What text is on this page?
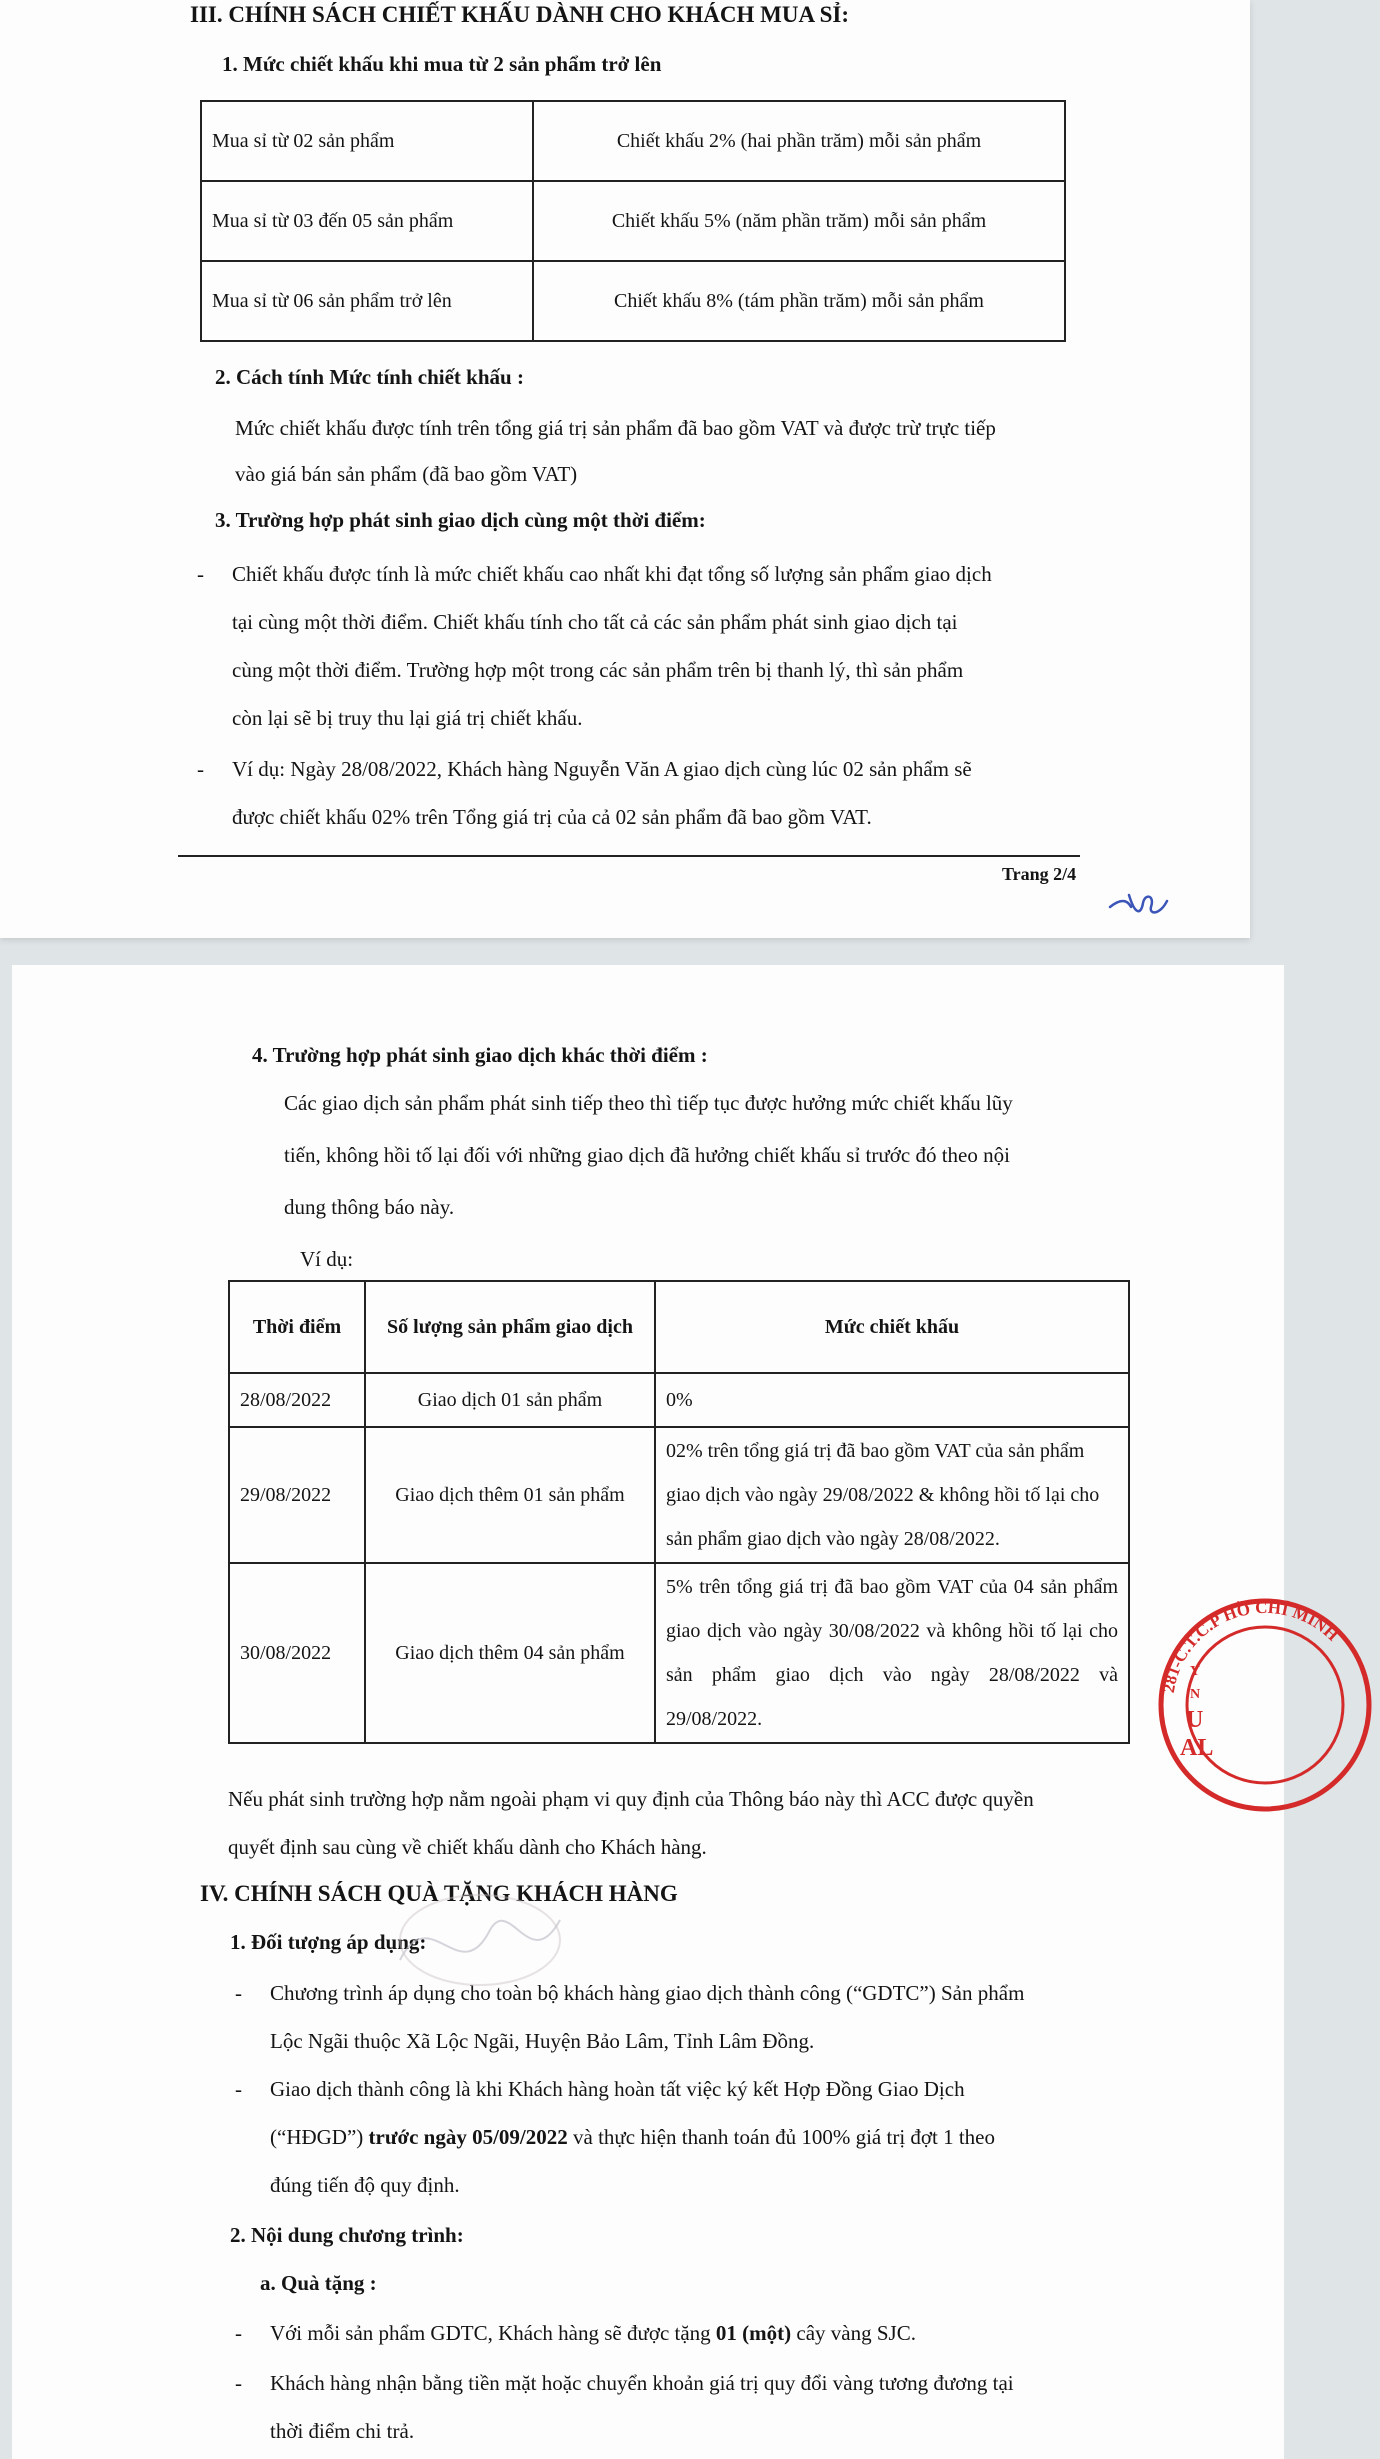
III. CHÍNH SÁCH CHIẾT KHẤU DÀNH CHO KHÁCH MUA SỈ:
1. Mức chiết khấu khi mua từ 2 sản phẩm trở lên
Mua sỉ từ 02 sản phẩm	Chiết khấu 2% (hai phần trăm) mỗi sản phẩm
Mua sỉ từ 03 đến 05 sản phẩm	Chiết khấu 5% (năm phần trăm) mỗi sản phẩm
Mua sỉ từ 06 sản phẩm trở lên	Chiết khấu 8% (tám phần trăm) mỗi sản phẩm
2. Cách tính Mức tính chiết khấu :
Mức chiết khấu được tính trên tổng giá trị sản phẩm đã bao gồm VAT và được trừ trực tiếp
vào giá bán sản phẩm (đã bao gồm VAT)
3. Trường hợp phát sinh giao dịch cùng một thời điểm:
- Chiết khấu được tính là mức chiết khấu cao nhất khi đạt tổng số lượng sản phẩm giao dịch
tại cùng một thời điểm. Chiết khấu tính cho tất cả các sản phẩm phát sinh giao dịch tại
cùng một thời điểm. Trường hợp một trong các sản phẩm trên bị thanh lý, thì sản phẩm
còn lại sẽ bị truy thu lại giá trị chiết khấu.
- Ví dụ: Ngày 28/08/2022, Khách hàng Nguyễn Văn A giao dịch cùng lúc 02 sản phẩm sẽ
được chiết khấu 02% trên Tổng giá trị của cả 02 sản phẩm đã bao gồm VAT.
Trang 2/4
4. Trường hợp phát sinh giao dịch khác thời điểm :
Các giao dịch sản phẩm phát sinh tiếp theo thì tiếp tục được hưởng mức chiết khấu lũy
tiến, không hồi tố lại đối với những giao dịch đã hưởng chiết khấu sỉ trước đó theo nội
dung thông báo này.
Ví dụ:
Thời điểm	Số lượng sản phẩm giao dịch	Mức chiết khấu
28/08/2022	Giao dịch 01 sản phẩm	0%
29/08/2022	Giao dịch thêm 01 sản phẩm	02% trên tổng giá trị đã bao gồm VAT của sản phẩm giao dịch vào ngày 29/08/2022 & không hồi tố lại cho sản phẩm giao dịch vào ngày 28/08/2022.
30/08/2022	Giao dịch thêm 04 sản phẩm	5% trên tổng giá trị đã bao gồm VAT của 04 sản phẩm giao dịch vào ngày 30/08/2022 và không hồi tố lại cho sản phẩm giao dịch vào ngày 28/08/2022 và 29/08/2022.
Nếu phát sinh trường hợp nằm ngoài phạm vi quy định của Thông báo này thì ACC được quyền
quyết định sau cùng về chiết khấu dành cho Khách hàng.
IV. CHÍNH SÁCH QUÀ TẶNG KHÁCH HÀNG
1. Đối tượng áp dụng:
- Chương trình áp dụng cho toàn bộ khách hàng giao dịch thành công (“GDTC”) Sản phẩm
Lộc Ngãi thuộc Xã Lộc Ngãi, Huyện Bảo Lâm, Tỉnh Lâm Đồng.
- Giao dịch thành công là khi Khách hàng hoàn tất việc ký kết Hợp Đồng Giao Dịch
(“HĐGD”) trước ngày 05/09/2022 và thực hiện thanh toán đủ 100% giá trị đợt 1 theo
đúng tiến độ quy định.
2. Nội dung chương trình:
a. Quà tặng :
- Với mỗi sản phẩm GDTC, Khách hàng sẽ được tặng 01 (một) cây vàng SJC.
- Khách hàng nhận bằng tiền mặt hoặc chuyển khoản giá trị quy đổi vàng tương đương tại
thời điểm chi trả.
281-C.T.C.P HỒ CHÍ MINH
Y
N
U
AL
